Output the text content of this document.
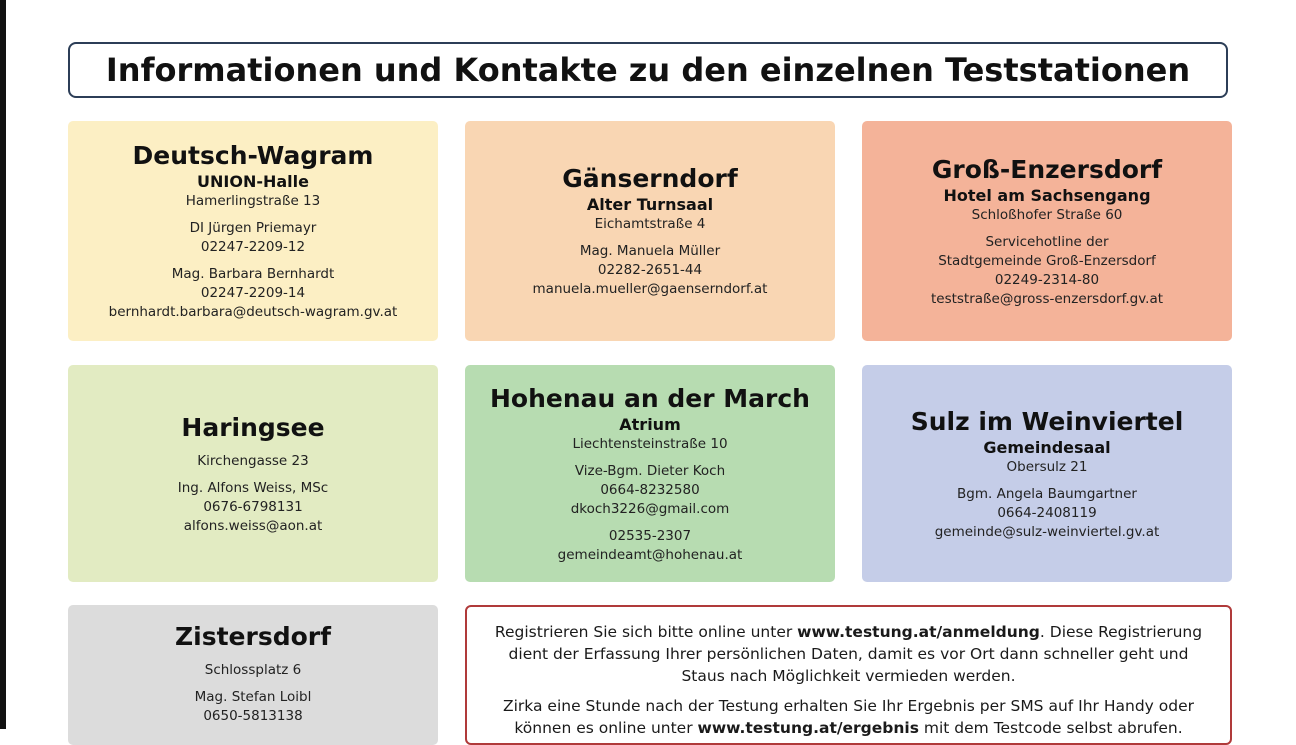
Informationen und Kontakte zu den einzelnen Teststationen
Deutsch-Wagram
UNION-Halle
Hamerlingstraße 13
DI Jürgen Priemayr
02247-2209-12
Mag. Barbara Bernhardt
02247-2209-14
bernhardt.barbara@deutsch-wagram.gv.at
Gänserndorf
Alter Turnsaal
Eichamtstraße 4
Mag. Manuela Müller
02282-2651-44
manuela.mueller@gaenserndorf.at
Groß-Enzersdorf
Hotel am Sachsengang
Schloßhofer Straße 60
Servicehotline der
Stadtgemeinde Groß-Enzersdorf
02249-2314-80
teststraße@gross-enzersdorf.gv.at
Haringsee
Kirchengasse 23
Ing. Alfons Weiss, MSc
0676-6798131
alfons.weiss@aon.at
Hohenau an der March
Atrium
Liechtensteinstraße 10
Vize-Bgm. Dieter Koch
0664-8232580
dkoch3226@gmail.com
02535-2307
gemeindeamt@hohenau.at
Sulz im Weinviertel
Gemeindesaal
Obersulz 21
Bgm. Angela Baumgartner
0664-2408119
gemeinde@sulz-weinviertel.gv.at
Zistersdorf
Schlossplatz 6
Mag. Stefan Loibl
0650-5813138

Registrieren Sie sich bitte online unter www.testung.at/anmeldung. Diese Registrierung dient der Erfassung Ihrer persönlichen Daten, damit es vor Ort dann schneller geht und Staus nach Möglichkeit vermieden werden.

Zirka eine Stunde nach der Testung erhalten Sie Ihr Ergebnis per SMS auf Ihr Handy oder können es online unter www.testung.at/ergebnis mit dem Testcode selbst abrufen.
